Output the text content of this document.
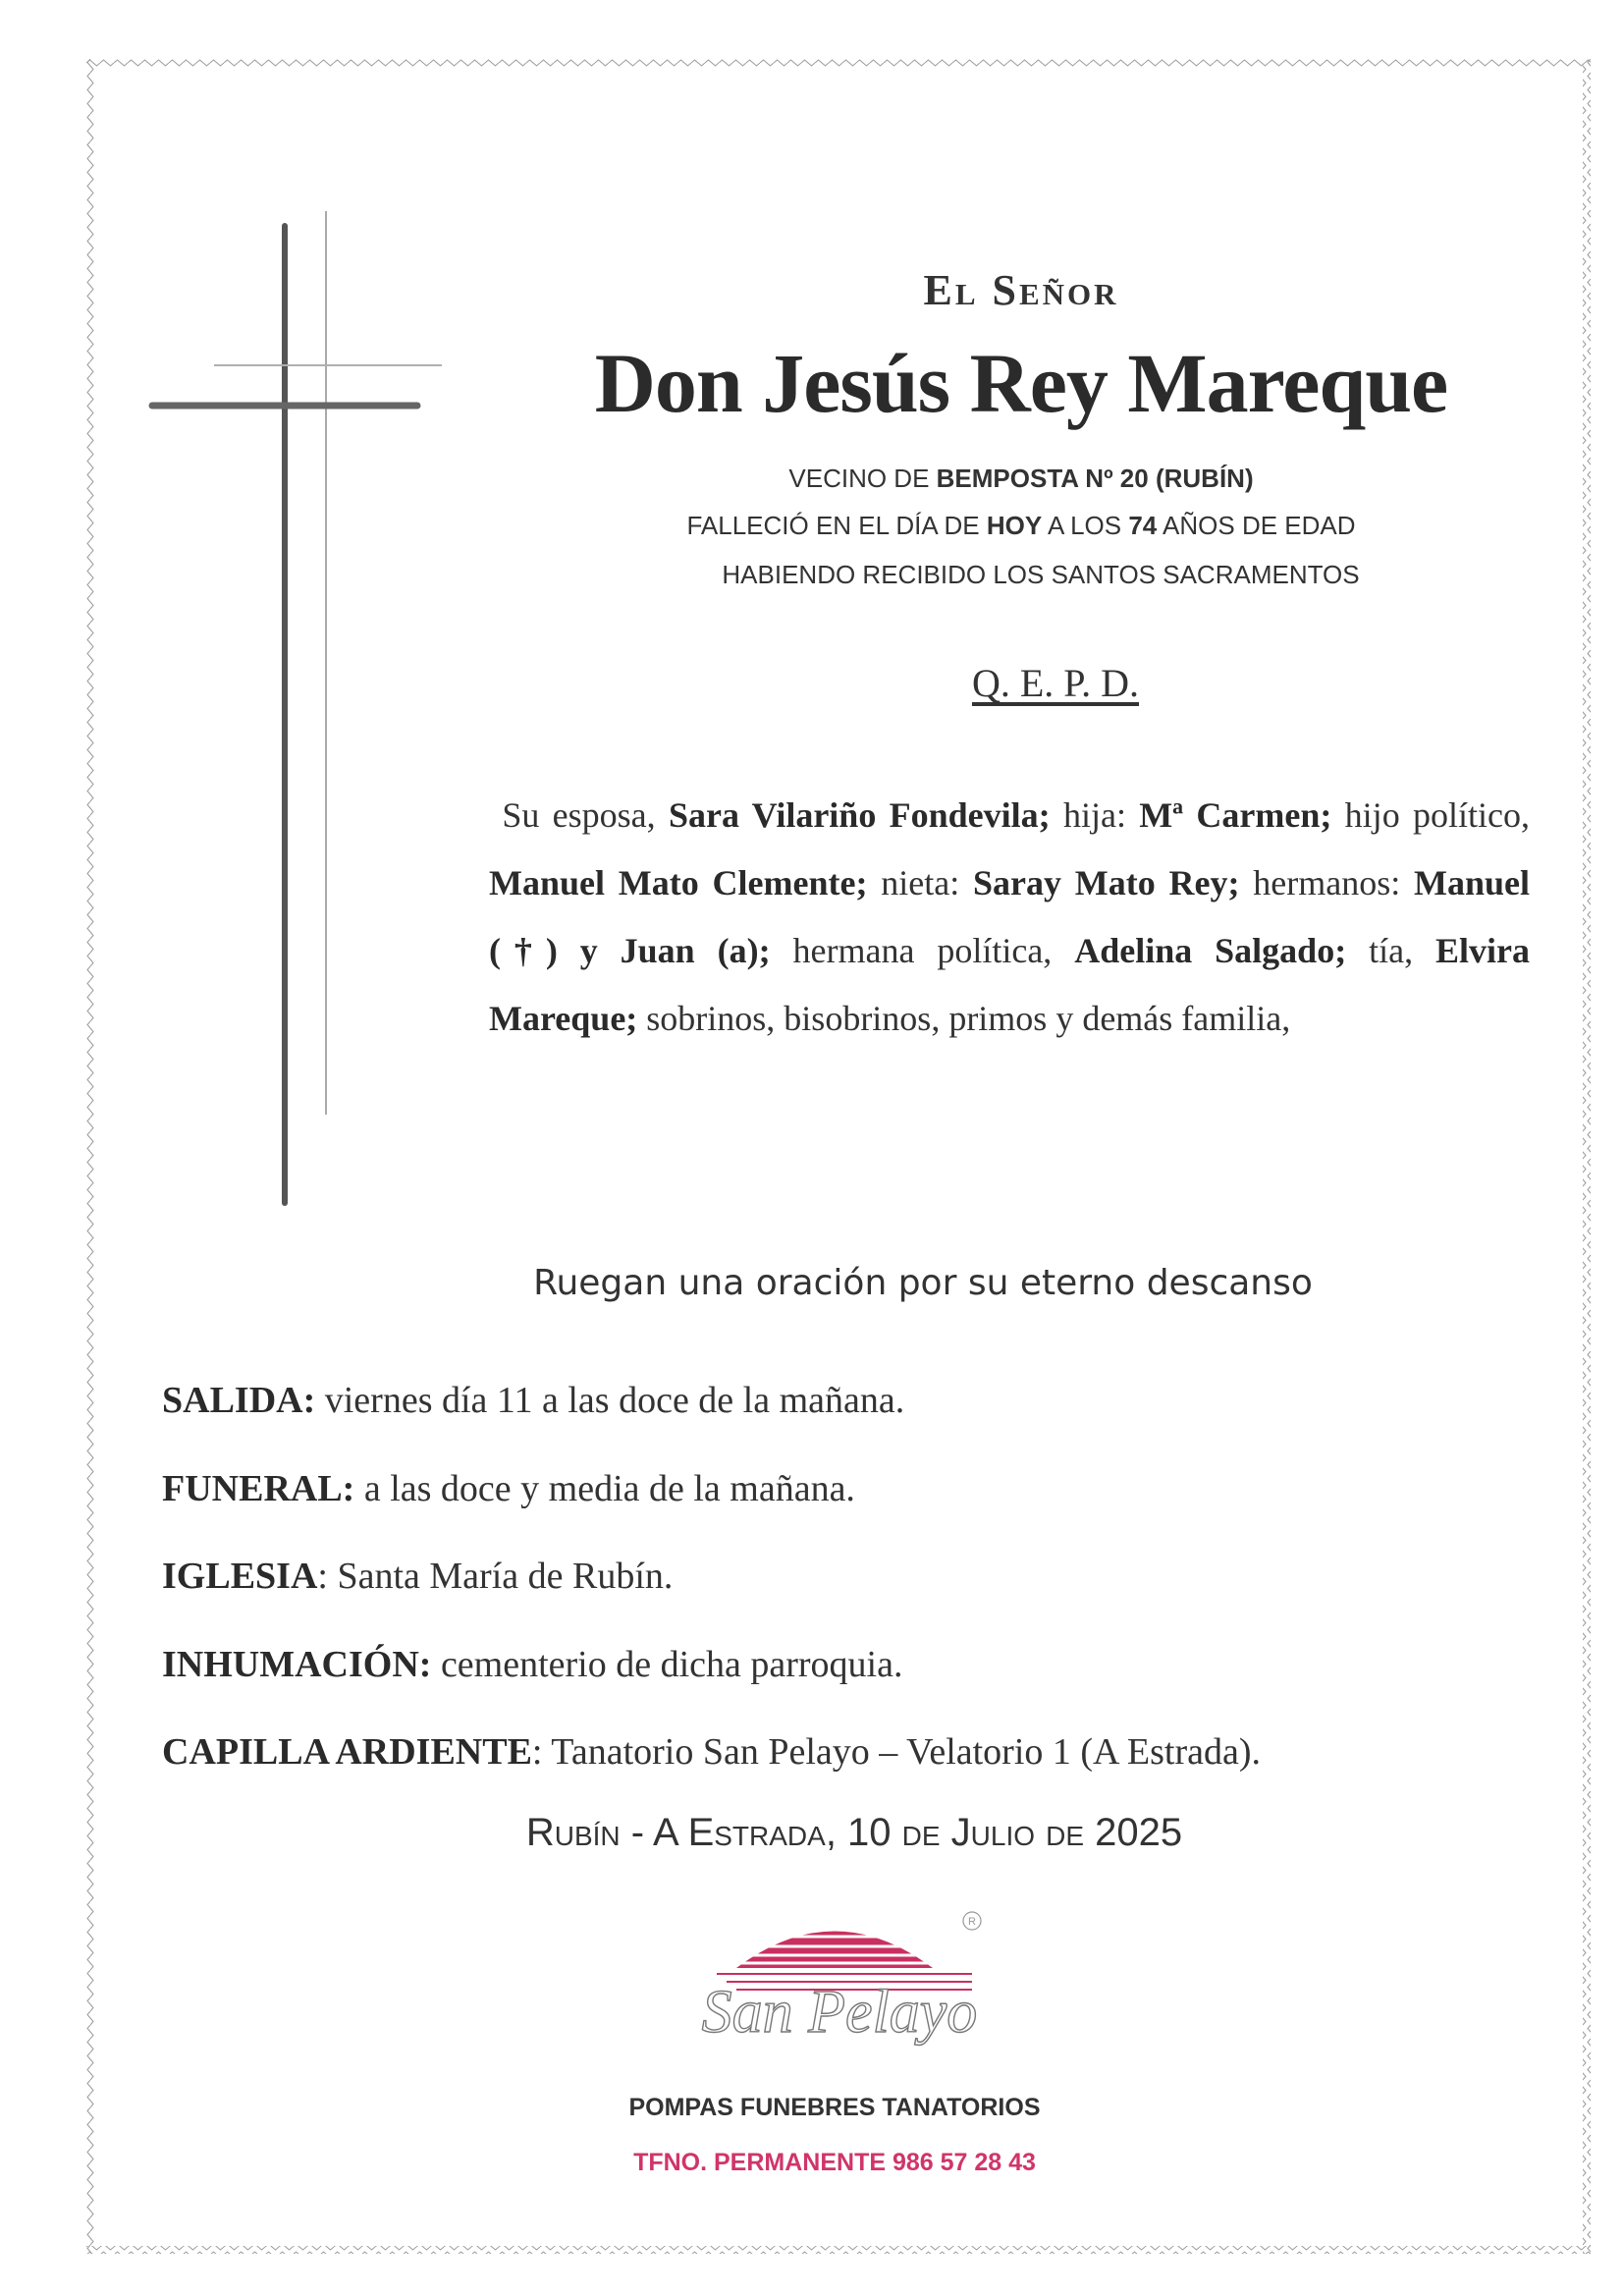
El Señor
Don Jesús Rey Mareque
VECINO DE BEMPOSTA Nº 20 (RUBÍN)
FALLECIÓ EN EL DÍA DE HOY A LOS 74 AÑOS DE EDAD
HABIENDO RECIBIDO LOS SANTOS SACRAMENTOS
Q. E. P. D.
Su esposa, Sara Vilariño Fondevila; hija: Mª Carmen; hijo político, Manuel Mato Clemente; nieta: Saray Mato Rey; hermanos: Manuel (†) y Juan (a); hermana política, Adelina Salgado; tía, Elvira Mareque; sobrinos, bisobrinos, primos y demás familia,
Ruegan una oración por su eterno descanso
SALIDA: viernes día 11 a las doce de la mañana.
FUNERAL: a las doce y media de la mañana.
IGLESIA: Santa María de Rubín.
INHUMACIÓN: cementerio de dicha parroquia.
CAPILLA ARDIENTE: Tanatorio San Pelayo – Velatorio 1 (A Estrada).
Rubín - A Estrada, 10 de Julio de 2025
R
San Pelayo
POMPAS FUNEBRES TANATORIOS
TFNO. PERMANENTE 986 57 28 43
